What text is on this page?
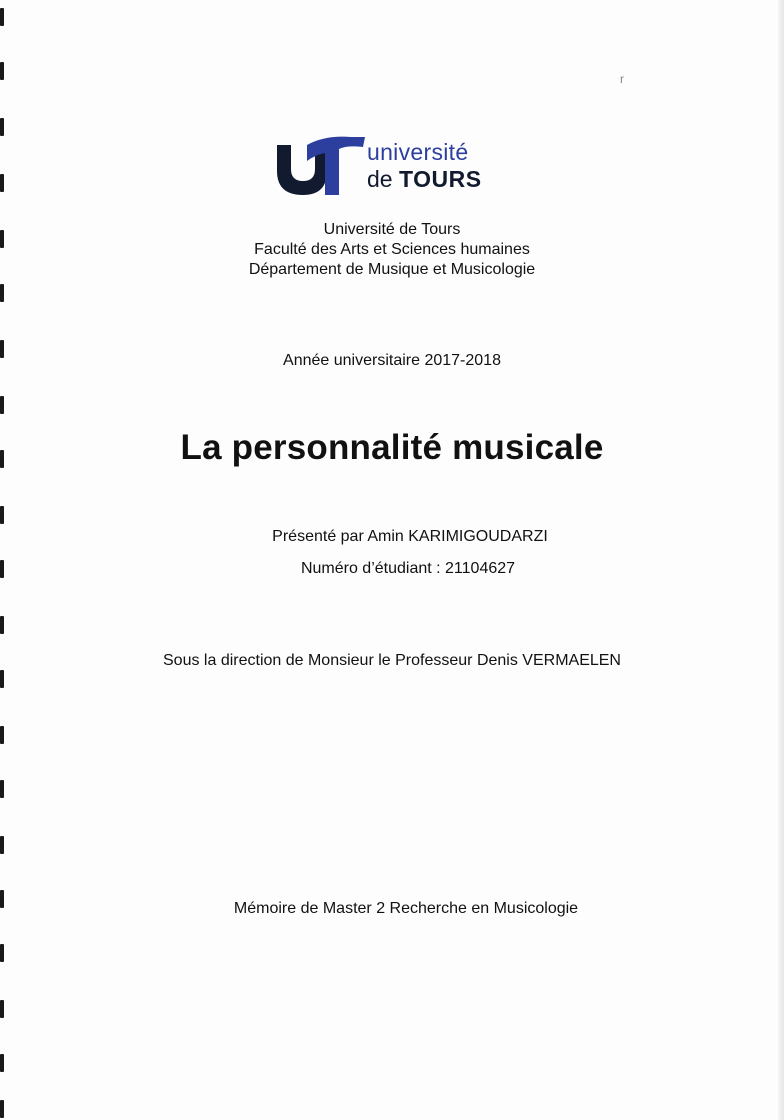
r
université
de TOURS
Université de Tours
Faculté des Arts et Sciences humaines
Département de Musique et Musicologie
Année universitaire 2017-2018
La personnalité musicale
Présenté par Amin KARIMIGOUDARZI
Numéro d’étudiant : 21104627
Sous la direction de Monsieur le Professeur Denis VERMAELEN
Mémoire de Master 2 Recherche en Musicologie
